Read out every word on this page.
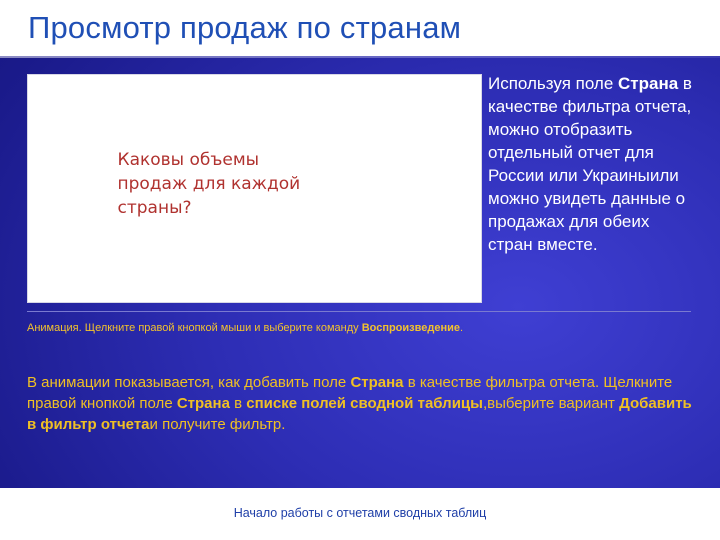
Просмотр продаж по странам
Каковы объемы
продаж для каждой страны?
Используя поле Страна в качестве фильтра отчета, можно отобразить отдельный отчет для России или Украиныили можно увидеть данные о продажах для обеих стран вместе.
Анимация. Щелкните правой кнопкой мыши и выберите команду Воспроизведение.
В анимации показывается, как добавить поле Страна в качестве фильтра отчета. Щелкните правой кнопкой поле Страна в списке полей сводной таблицы,выберите вариант Добавить в фильтр отчетаи получите фильтр.
Начало работы с отчетами сводных таблиц
